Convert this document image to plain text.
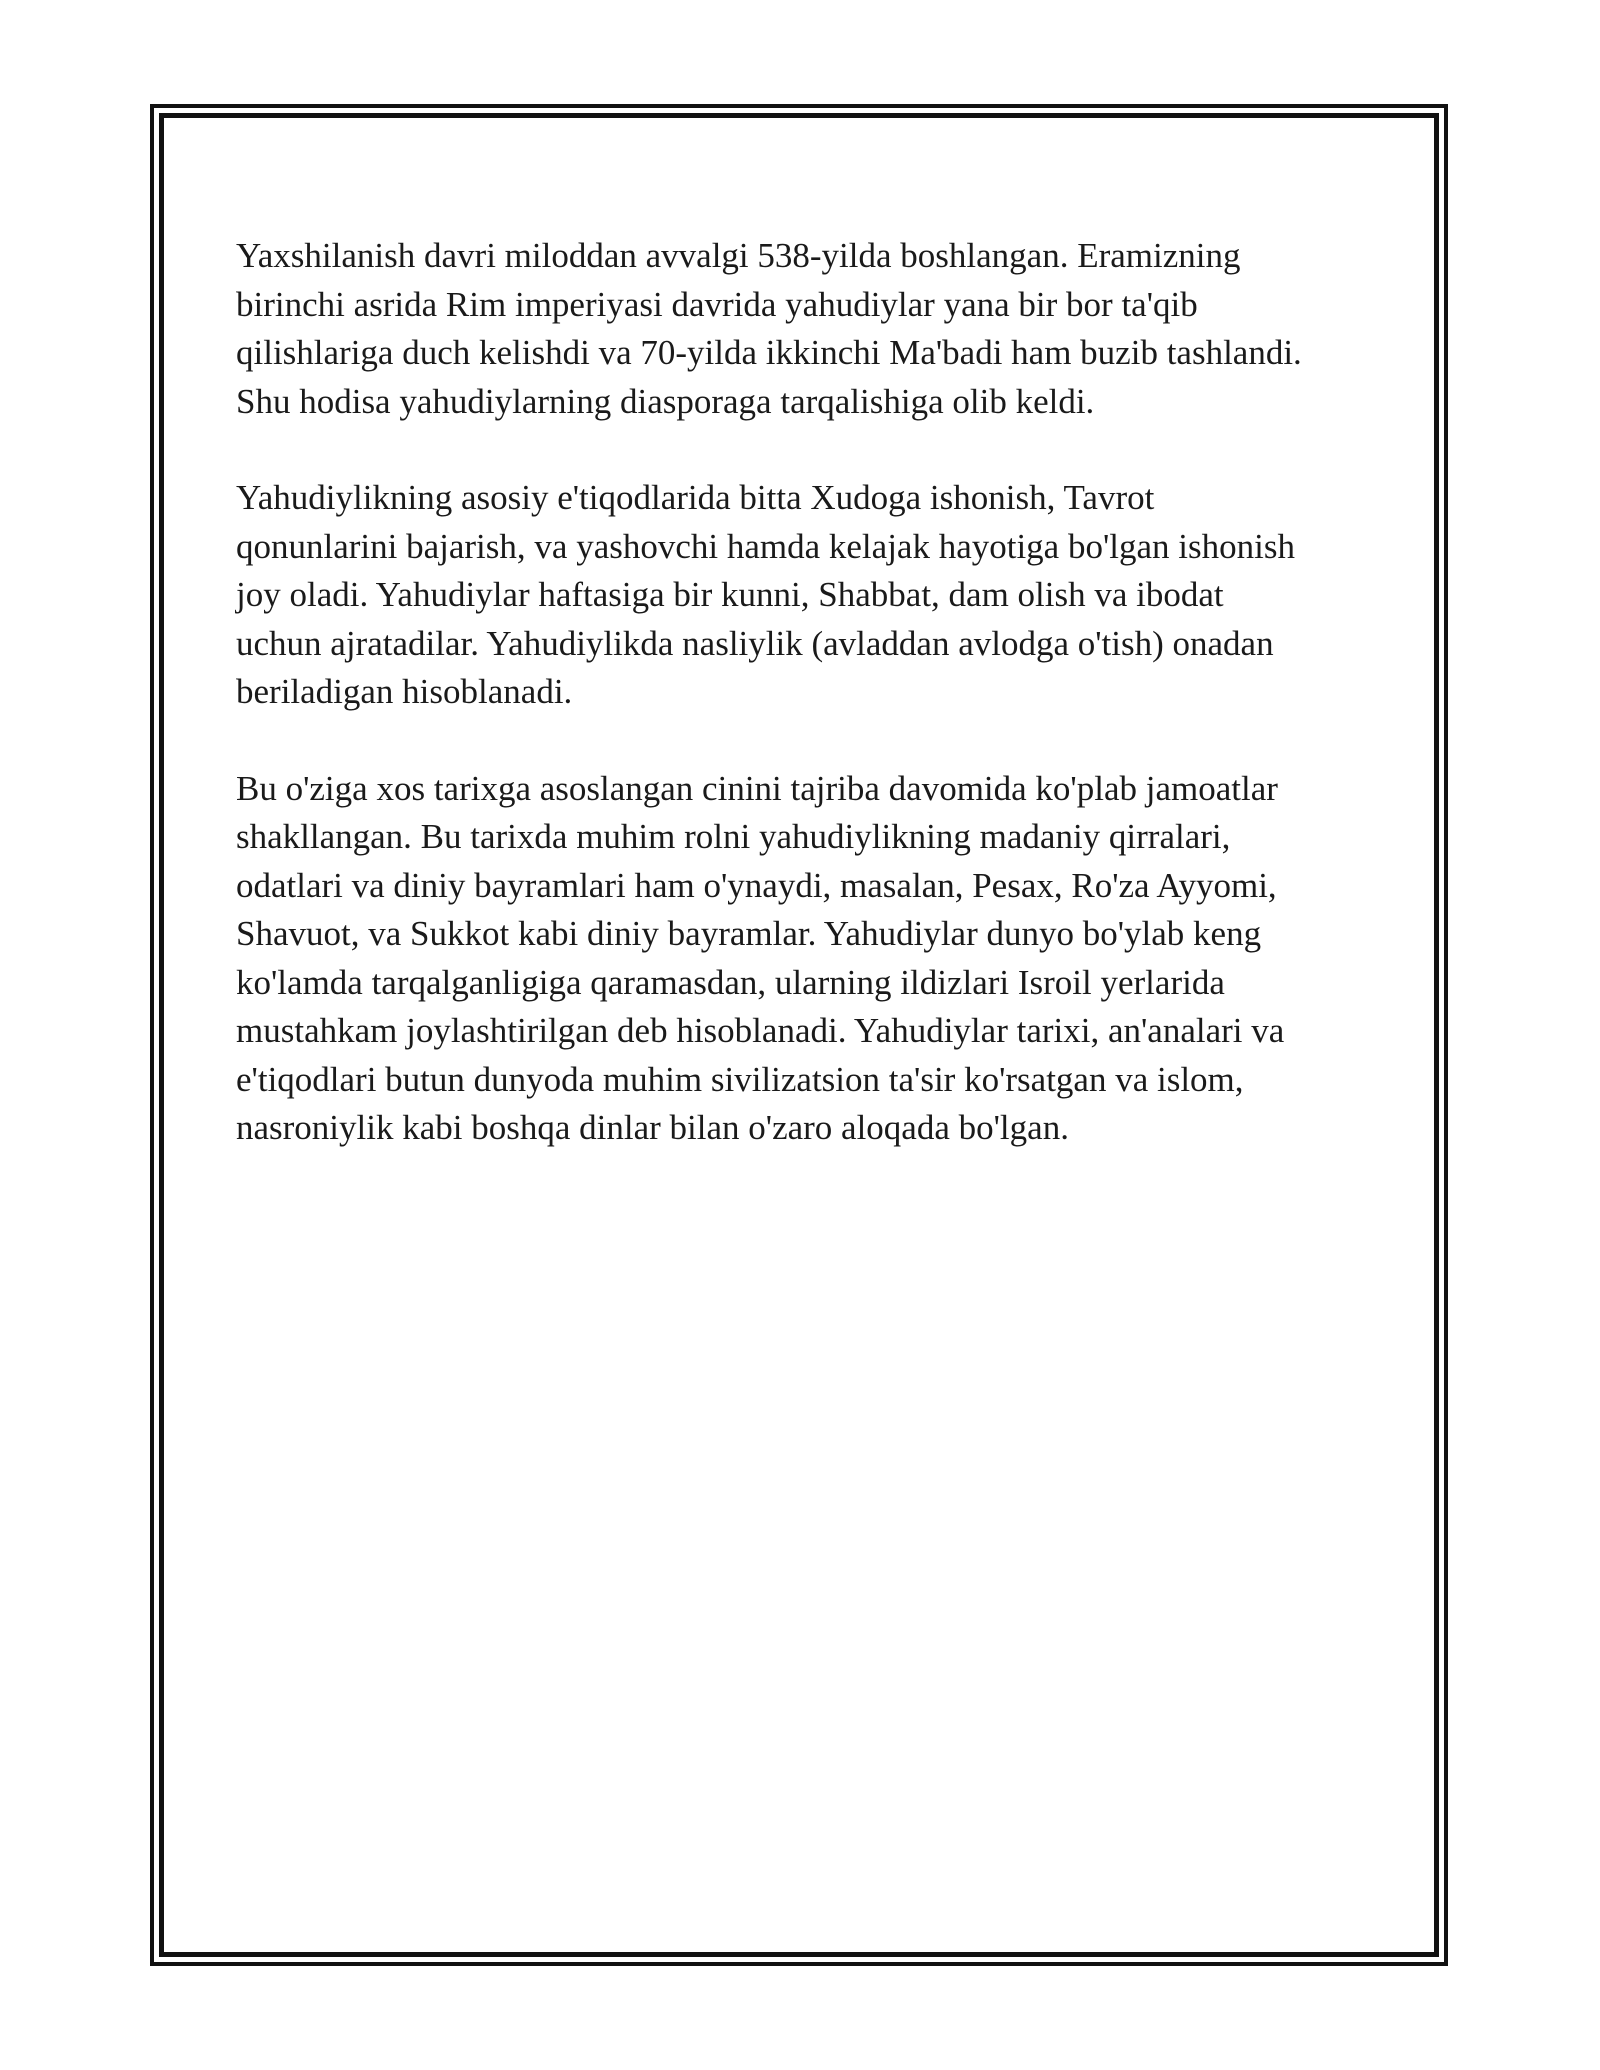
Yaxshilanish davri miloddan avvalgi 538-yilda boshlangan. Eramizning
birinchi asrida Rim imperiyasi davrida yahudiylar yana bir bor ta'qib
qilishlariga duch kelishdi va 70-yilda ikkinchi Ma'badi ham buzib tashlandi.
Shu hodisa yahudiylarning diasporaga tarqalishiga olib keldi.

Yahudiylikning asosiy e'tiqodlarida bitta Xudoga ishonish, Tavrot
qonunlarini bajarish, va yashovchi hamda kelajak hayotiga bo'lgan ishonish
joy oladi. Yahudiylar haftasiga bir kunni, Shabbat, dam olish va ibodat
uchun ajratadilar. Yahudiylikda nasliylik (avladdan avlodga o'tish) onadan
beriladigan hisoblanadi.

Bu o'ziga xos tarixga asoslangan cinini tajriba davomida ko'plab jamoatlar
shakllangan. Bu tarixda muhim rolni yahudiylikning madaniy qirralari,
odatlari va diniy bayramlari ham o'ynaydi, masalan, Pesax, Ro'za Ayyomi,
Shavuot, va Sukkot kabi diniy bayramlar. Yahudiylar dunyo bo'ylab keng
ko'lamda tarqalganligiga qaramasdan, ularning ildizlari Isroil yerlarida
mustahkam joylashtirilgan deb hisoblanadi. Yahudiylar tarixi, an'analari va
e'tiqodlari butun dunyoda muhim sivilizatsion ta'sir ko'rsatgan va islom,
nasroniylik kabi boshqa dinlar bilan o'zaro aloqada bo'lgan.
